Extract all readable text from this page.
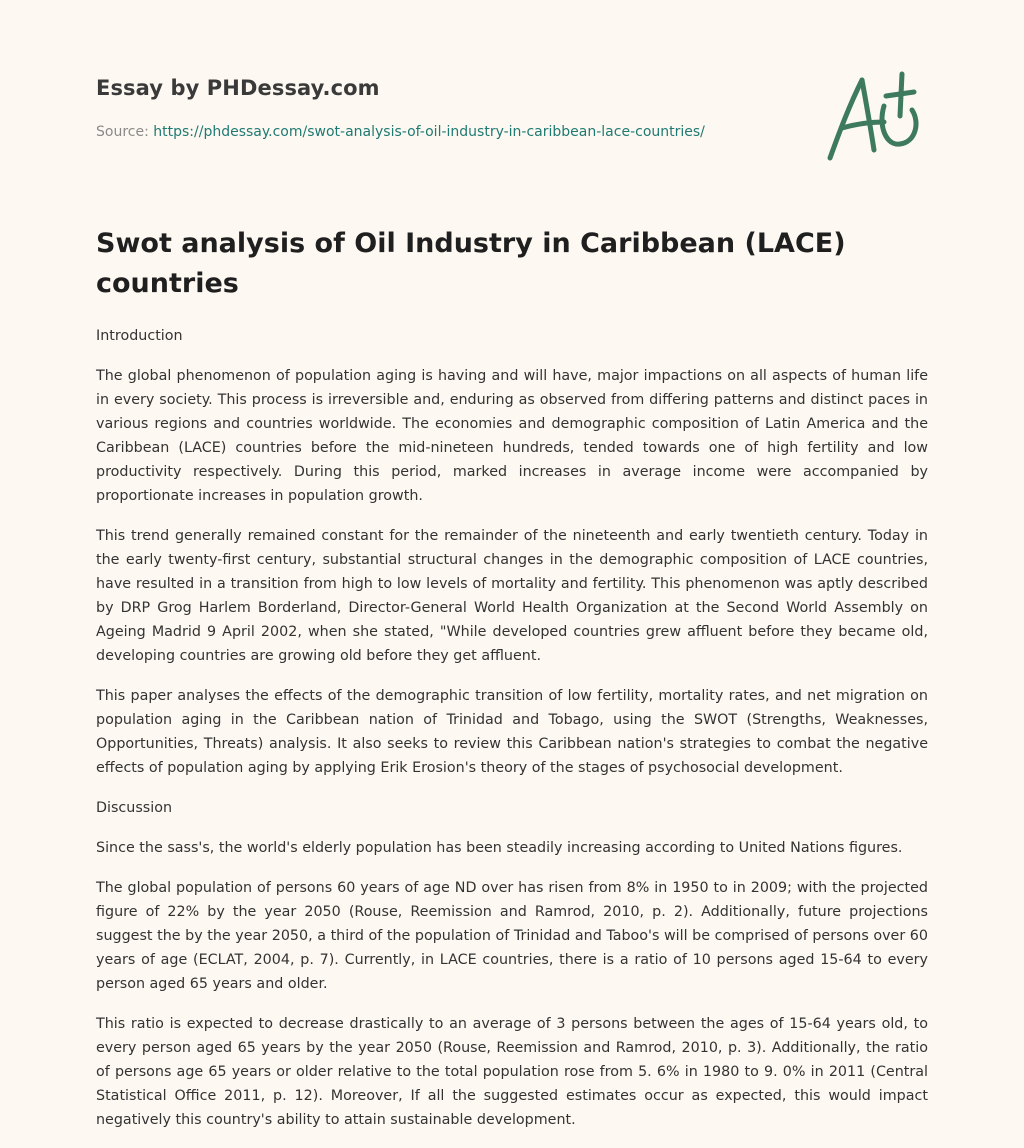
Essay by PHDessay.com
Source: https://phdessay.com/swot-analysis-of-oil-industry-in-caribbean-lace-countries/
Swot analysis of Oil Industry in Caribbean (LACE) countries

Introduction

The global phenomenon of population aging is having and will have, major impactions on all aspects of human life in every society. This process is irreversible and, enduring as observed from differing patterns and distinct paces in various regions and countries worldwide. The economies and demographic composition of Latin America and the Caribbean (LACE) countries before the mid-nineteen hundreds, tended towards one of high fertility and low productivity respectively. During this period, marked increases in average income were accompanied by proportionate increases in population growth.

This trend generally remained constant for the remainder of the nineteenth and early twentieth century. Today in the early twenty-first century, substantial structural changes in the demographic composition of LACE countries, have resulted in a transition from high to low levels of mortality and fertility. This phenomenon was aptly described by DRP Grog Harlem Borderland, Director-General World Health Organization at the Second World Assembly on Ageing Madrid 9 April 2002, when she stated, "While developed countries grew affluent before they became old, developing countries are growing old before they get affluent.

This paper analyses the effects of the demographic transition of low fertility, mortality rates, and net migration on population aging in the Caribbean nation of Trinidad and Tobago, using the SWOT (Strengths, Weaknesses, Opportunities, Threats) analysis. It also seeks to review this Caribbean nation's strategies to combat the negative effects of population aging by applying Erik Erosion's theory of the stages of psychosocial development.

Discussion

Since the sass's, the world's elderly population has been steadily increasing according to United Nations figures.

The global population of persons 60 years of age ND over has risen from 8% in 1950 to in 2009; with the projected figure of 22% by the year 2050 (Rouse, Reemission and Ramrod, 2010, p. 2). Additionally, future projections suggest the by the year 2050, a third of the population of Trinidad and Taboo's will be comprised of persons over 60 years of age (ECLAT, 2004, p. 7). Currently, in LACE countries, there is a ratio of 10 persons aged 15-64 to every person aged 65 years and older.

This ratio is expected to decrease drastically to an average of 3 persons between the ages of 15-64 years old, to every person aged 65 years by the year 2050 (Rouse, Reemission and Ramrod, 2010, p. 3). Additionally, the ratio of persons age 65 years or older relative to the total population rose from 5. 6% in 1980 to 9. 0% in 2011 (Central Statistical Office 2011, p. 12). Moreover, If all the suggested estimates occur as expected, this would impact negatively this country's ability to attain sustainable development.
